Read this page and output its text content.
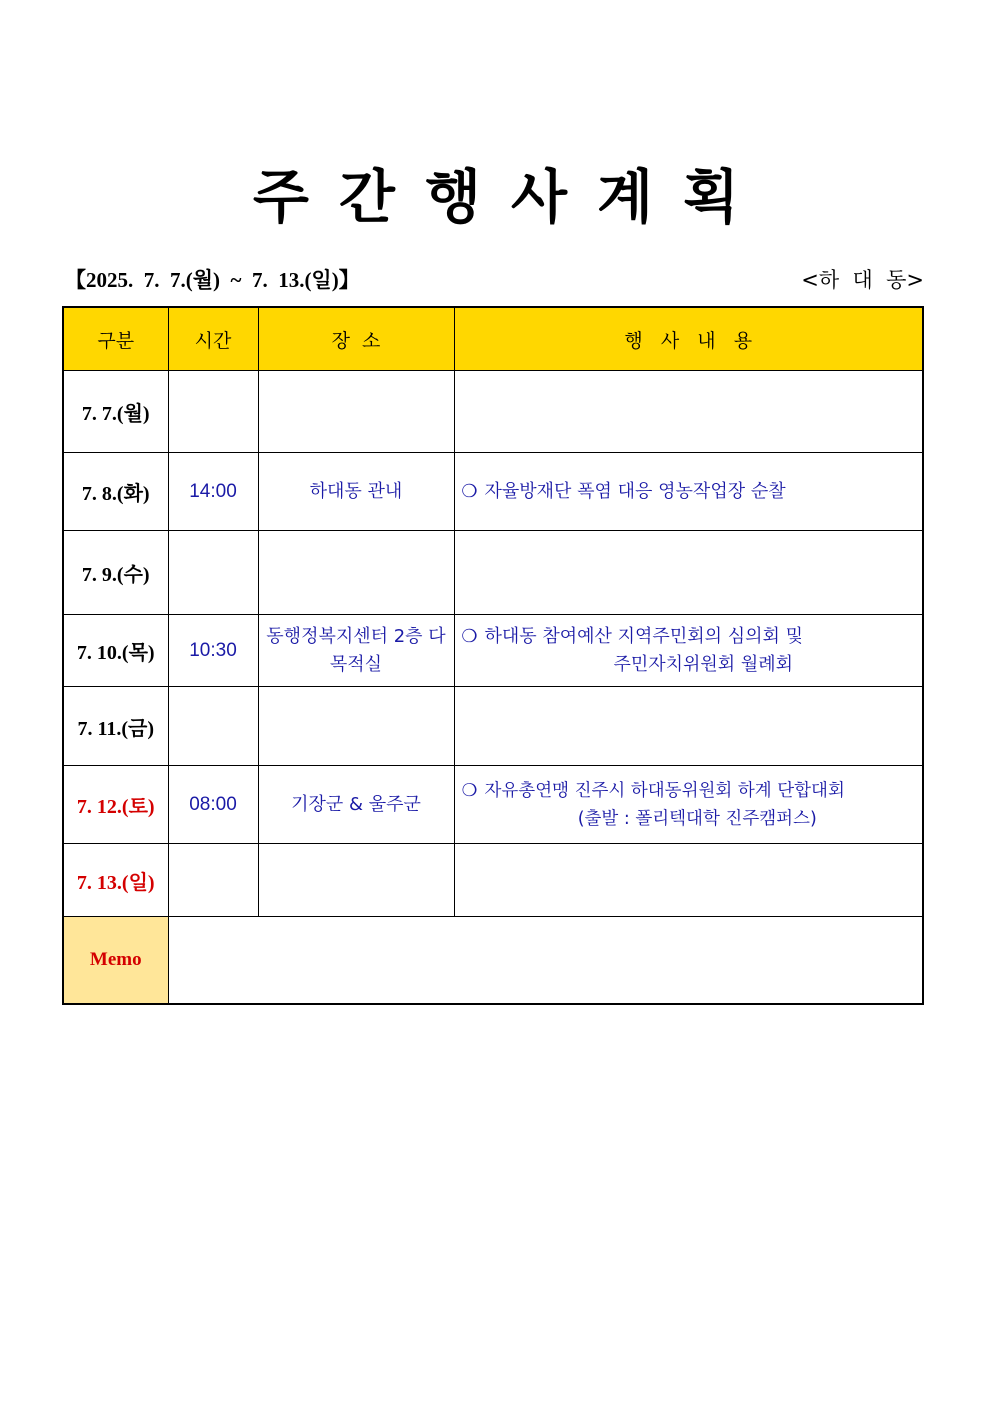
주간행사계획
【2025.  7.  7.(월)  ~  7.  13.(일)】	<하  대  동>
구분	시간	장  소	행   사   내   용
7. 7.(월)			
7. 8.(화)	14:00	하대동 관내	❍ 자율방재단 폭염 대응 영농작업장 순찰

7. 9.(수)			
7. 10.(목)	10:30	동행정복지센터 2층 다목적실	❍ 하대동 참여예산 지역주민회의 심의회 및
주민자치위원회 월례회

7. 11.(금)			
7. 12.(토)	08:00	기장군 & 울주군	❍ 자유총연맹 진주시 하대동위원회 하계 단합대회
(출발 : 폴리텍대학 진주캠퍼스)

7. 13.(일)			
Memo			
